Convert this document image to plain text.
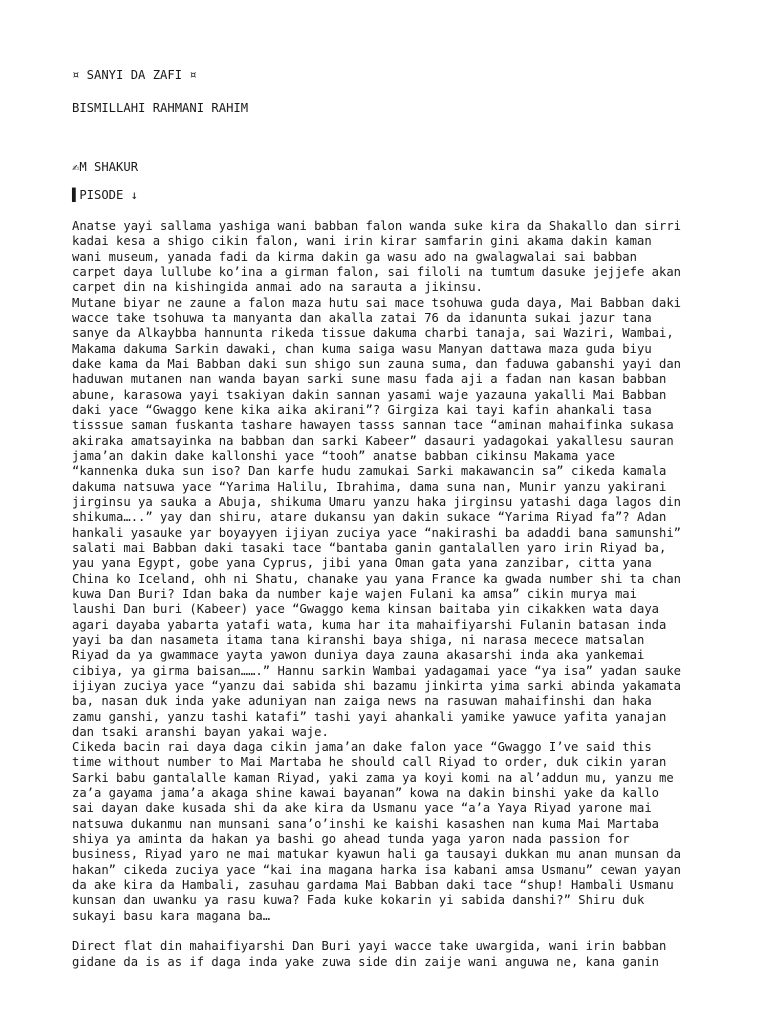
¤ SANYI DA ZAFI ¤

BISMILLAHI RAHMANI RAHIM

✍M SHAKUR

▌PISODE ↓

Anatse yayi sallama yashiga wani babban falon wanda suke kira da Shakallo dan sirri
kadai kesa a shigo cikin falon, wani irin kirar samfarin gini akama dakin kaman
wani museum, yanada fadi da kirma dakin ga wasu ado na gwalagwalai sai babban
carpet daya lullube ko’ina a girman falon, sai filoli na tumtum dasuke jejjefe akan
carpet din na kishingida anmai ado na sarauta a jikinsu.
Mutane biyar ne zaune a falon maza hutu sai mace tsohuwa guda daya, Mai Babban daki
wacce take tsohuwa ta manyanta dan akalla zatai 76 da idanunta sukai jazur tana
sanye da Alkaybba hannunta rikeda tissue dakuma charbi tanaja, sai Waziri, Wambai,
Makama dakuma Sarkin dawaki, chan kuma saiga wasu Manyan dattawa maza guda biyu
dake kama da Mai Babban daki sun shigo sun zauna suma, dan faduwa gabanshi yayi dan
haduwan mutanen nan wanda bayan sarki sune masu fada aji a fadan nan kasan babban
abune, karasowa yayi tsakiyan dakin sannan yasami waje yazauna yakalli Mai Babban
daki yace “Gwaggo kene kika aika akirani”? Girgiza kai tayi kafin ahankali tasa
tisssue saman fuskanta tashare hawayen tasss sannan tace “aminan mahaifinka sukasa
akiraka amatsayinka na babban dan sarki Kabeer” dasauri yadagokai yakallesu sauran
jama’an dakin dake kallonshi yace “tooh” anatse babban cikinsu Makama yace
“kannenka duka sun iso? Dan karfe hudu zamukai Sarki makawancin sa” cikeda kamala
dakuma natsuwa yace “Yarima Halilu, Ibrahima, dama suna nan, Munir yanzu yakirani
jirginsu ya sauka a Abuja, shikuma Umaru yanzu haka jirginsu yatashi daga lagos din
shikuma…..” yay dan shiru, atare dukansu yan dakin sukace “Yarima Riyad fa”? Adan
hankali yasauke yar boyayyen ijiyan zuciya yace “nakirashi ba adaddi bana samunshi”
salati mai Babban daki tasaki tace “bantaba ganin gantalallen yaro irin Riyad ba,
yau yana Egypt, gobe yana Cyprus, jibi yana Oman gata yana zanzibar, citta yana
China ko Iceland, ohh ni Shatu, chanake yau yana France ka gwada number shi ta chan
kuwa Dan Buri? Idan baka da number kaje wajen Fulani ka amsa” cikin murya mai
laushi Dan buri (Kabeer) yace “Gwaggo kema kinsan baitaba yin cikakken wata daya
agari dayaba yabarta yatafi wata, kuma har ita mahaifiyarshi Fulanin batasan inda
yayi ba dan nasameta itama tana kiranshi baya shiga, ni narasa mecece matsalan
Riyad da ya gwammace yayta yawon duniya daya zauna akasarshi inda aka yankemai
cibiya, ya girma baisan…….” Hannu sarkin Wambai yadagamai yace “ya isa” yadan sauke
ijiyan zuciya yace “yanzu dai sabida shi bazamu jinkirta yima sarki abinda yakamata
ba, nasan duk inda yake aduniyan nan zaiga news na rasuwan mahaifinshi dan haka
zamu ganshi, yanzu tashi katafi” tashi yayi ahankali yamike yawuce yafita yanajan
dan tsaki aranshi bayan yakai waje.
Cikeda bacin rai daya daga cikin jama’an dake falon yace “Gwaggo I’ve said this
time without number to Mai Martaba he should call Riyad to order, duk cikin yaran
Sarki babu gantalalle kaman Riyad, yaki zama ya koyi komi na al’addun mu, yanzu me
za’a gayama jama’a akaga shine kawai bayanan” kowa na dakin binshi yake da kallo
sai dayan dake kusada shi da ake kira da Usmanu yace “a’a Yaya Riyad yarone mai
natsuwa dukanmu nan munsani sana’o’inshi ke kaishi kasashen nan kuma Mai Martaba
shiya ya aminta da hakan ya bashi go ahead tunda yaga yaron nada passion for
business, Riyad yaro ne mai matukar kyawun hali ga tausayi dukkan mu anan munsan da
hakan” cikeda zuciya yace “kai ina magana harka isa kabani amsa Usmanu” cewan yayan
da ake kira da Hambali, zasuhau gardama Mai Babban daki tace “shup! Hambali Usmanu
kunsan dan uwanku ya rasu kuwa? Fada kuke kokarin yi sabida danshi?” Shiru duk
sukayi basu kara magana ba…
Direct flat din mahaifiyarshi Dan Buri yayi wacce take uwargida, wani irin babban
gidane da is as if daga inda yake zuwa side din zaije wani anguwa ne, kana ganin
